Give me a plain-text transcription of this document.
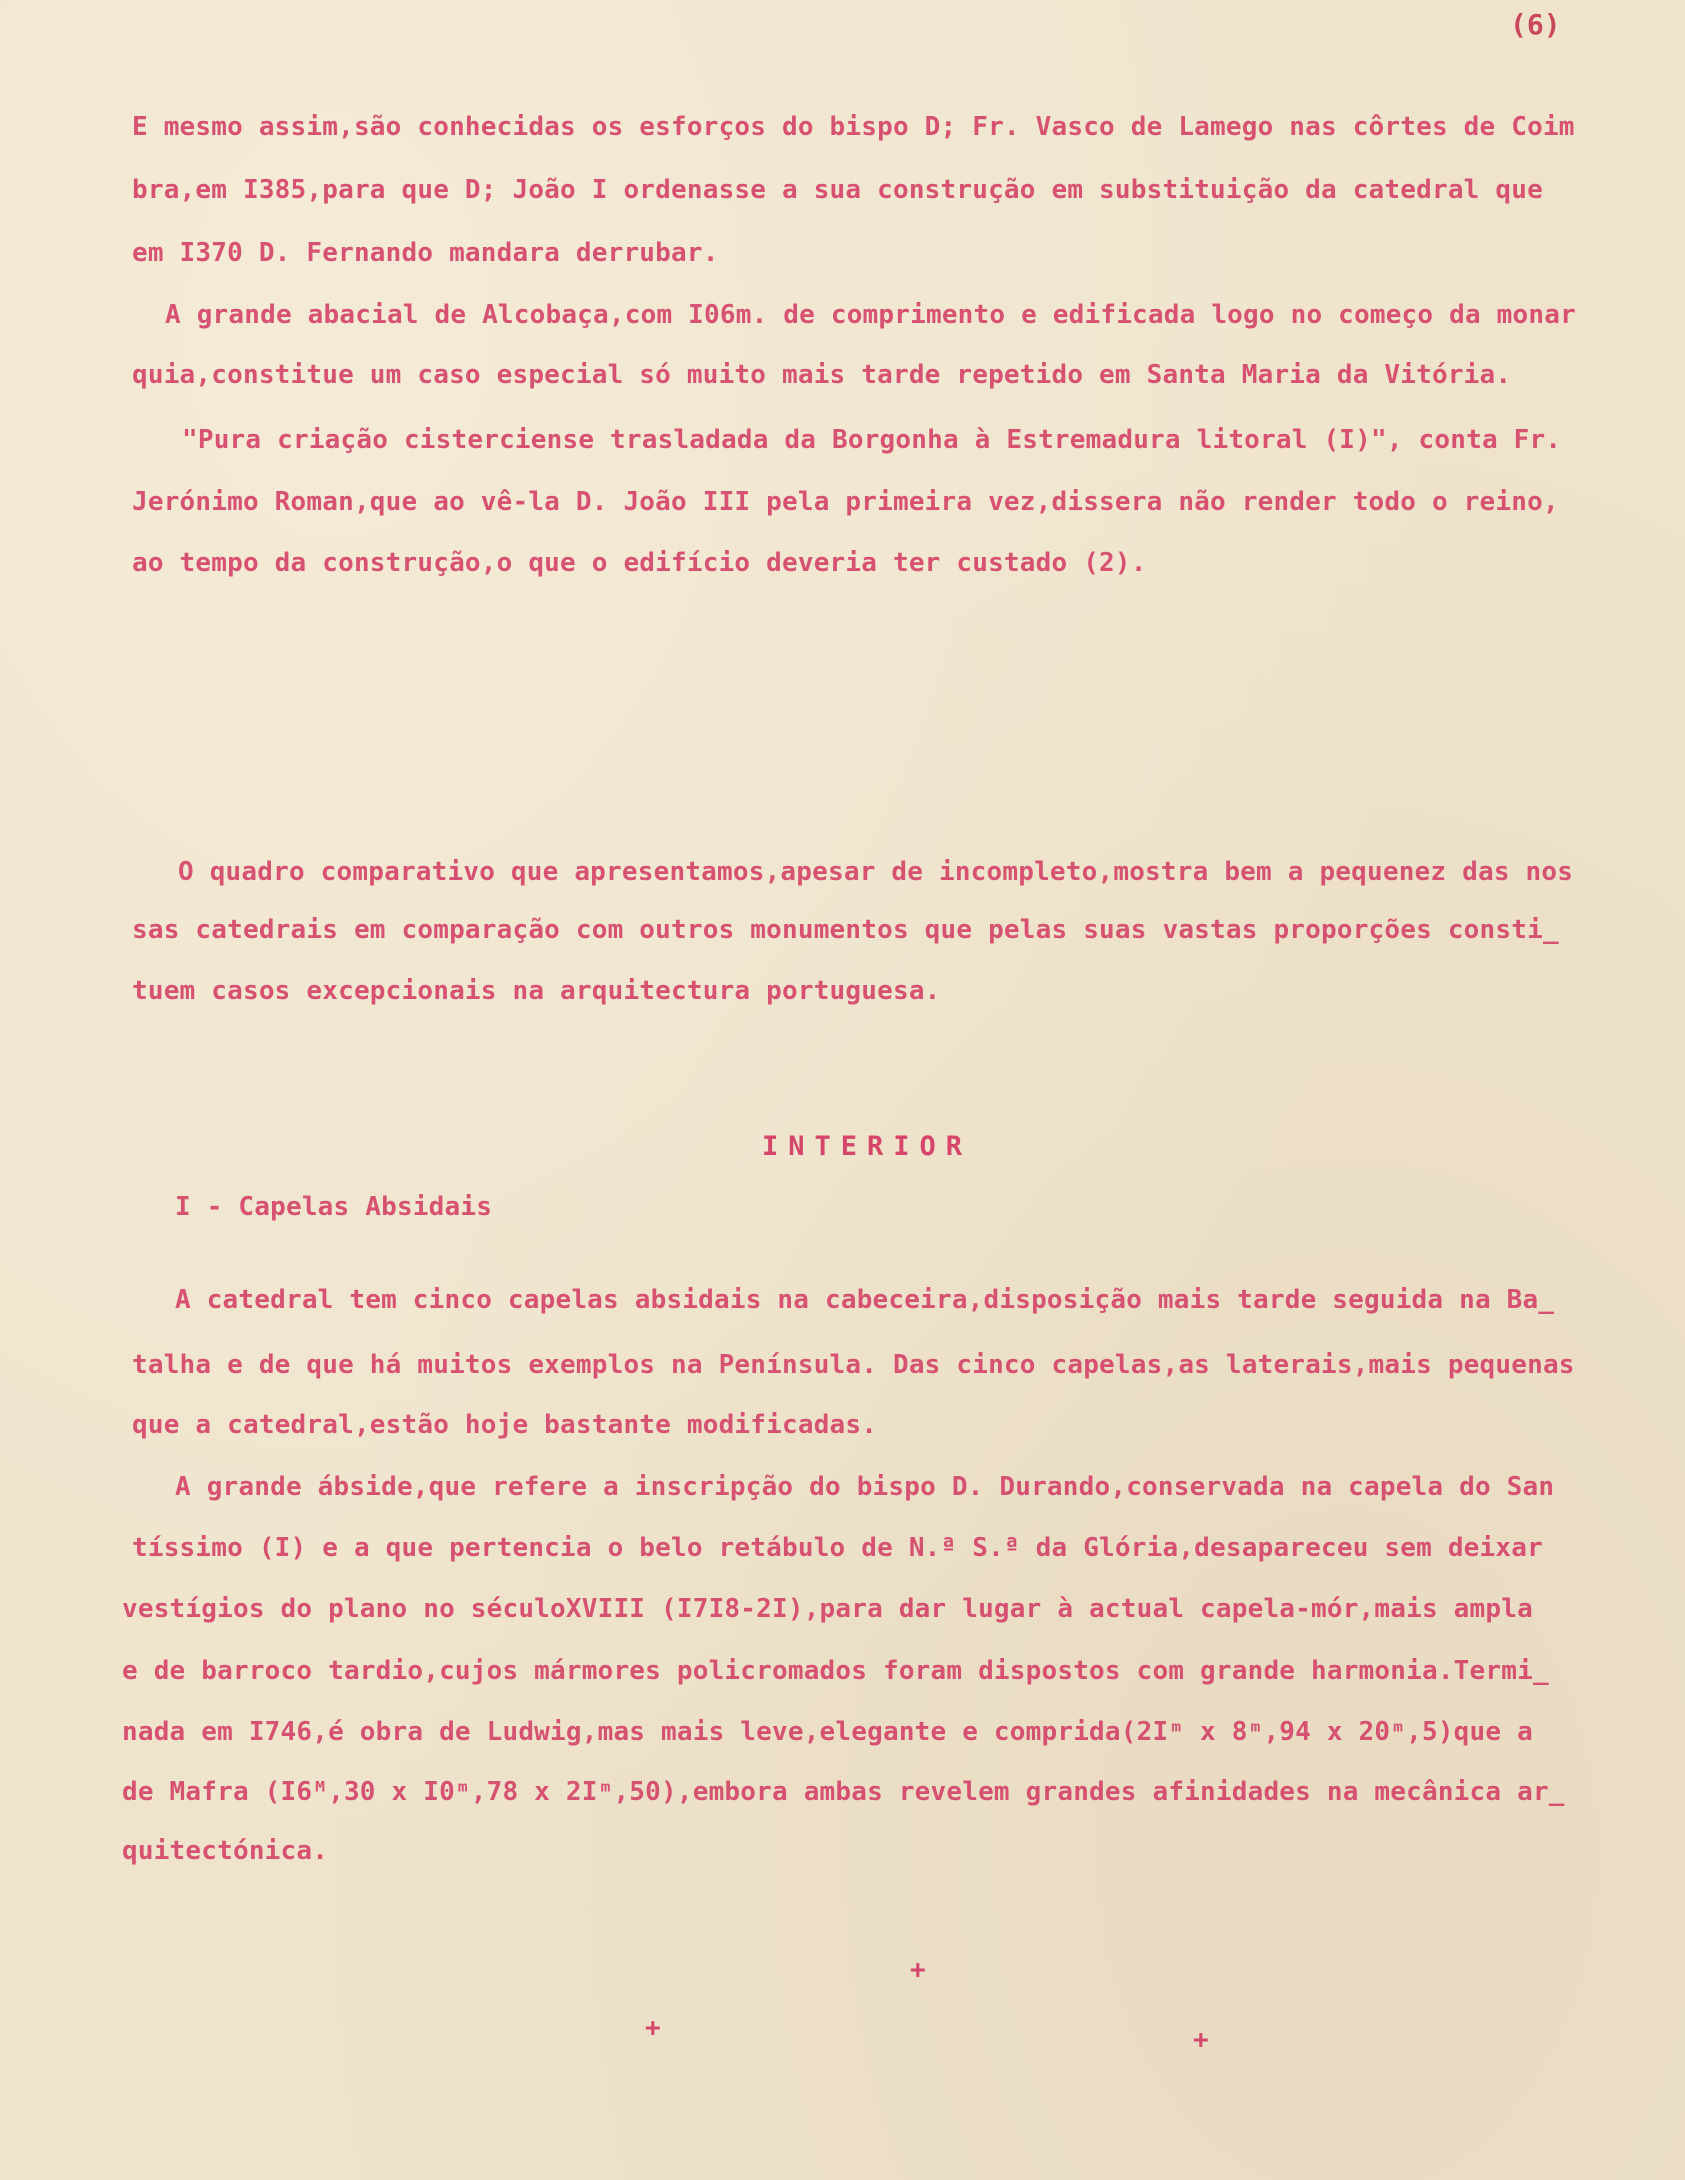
(6)
E mesmo assim,são conhecidas os esforços do bispo D; Fr. Vasco de Lamego nas côrtes de Coim
bra,em I385,para que D; João I ordenasse a sua construção em substituição da catedral que
em I370 D. Fernando mandara derrubar.
A grande abacial de Alcobaça,com I06m. de comprimento e edificada logo no começo da monar
quia,constitue um caso especial só muito mais tarde repetido em Santa Maria da Vitória.
"Pura criação cisterciense trasladada da Borgonha à Estremadura litoral (I)", conta Fr.
Jerónimo Roman,que ao vê-la D. João III pela primeira vez,dissera não render todo o reino,
ao tempo da construção,o que o edifício deveria ter custado (2).
O quadro comparativo que apresentamos,apesar de incompleto,mostra bem a pequenez das nos
sas catedrais em comparação com outros monumentos que pelas suas vastas proporções consti_
tuem casos excepcionais na arquitectura portuguesa.
INTERIOR
I - Capelas Absidais
A catedral tem cinco capelas absidais na cabeceira,disposição mais tarde seguida na Ba_
talha e de que há muitos exemplos na Península. Das cinco capelas,as laterais,mais pequenas
que a catedral,estão hoje bastante modificadas.
A grande ábside,que refere a inscripção do bispo D. Durando,conservada na capela do San
tíssimo (I) e a que pertencia o belo retábulo de N.ª S.ª da Glória,desapareceu sem deixar
vestígios do plano no séculoXVIII (I7I8-2I),para dar lugar à actual capela-mór,mais ampla
e de barroco tardio,cujos mármores policromados foram dispostos com grande harmonia.Termi_
nada em I746,é obra de Ludwig,mas mais leve,elegante e comprida(2Iᵐ x 8ᵐ,94 x 20ᵐ,5)que a
de Mafra (I6ᴹ,30 x I0ᵐ,78 x 2Iᵐ,50),embora ambas revelem grandes afinidades na mecânica ar_
quitectónica.
+
+	+
